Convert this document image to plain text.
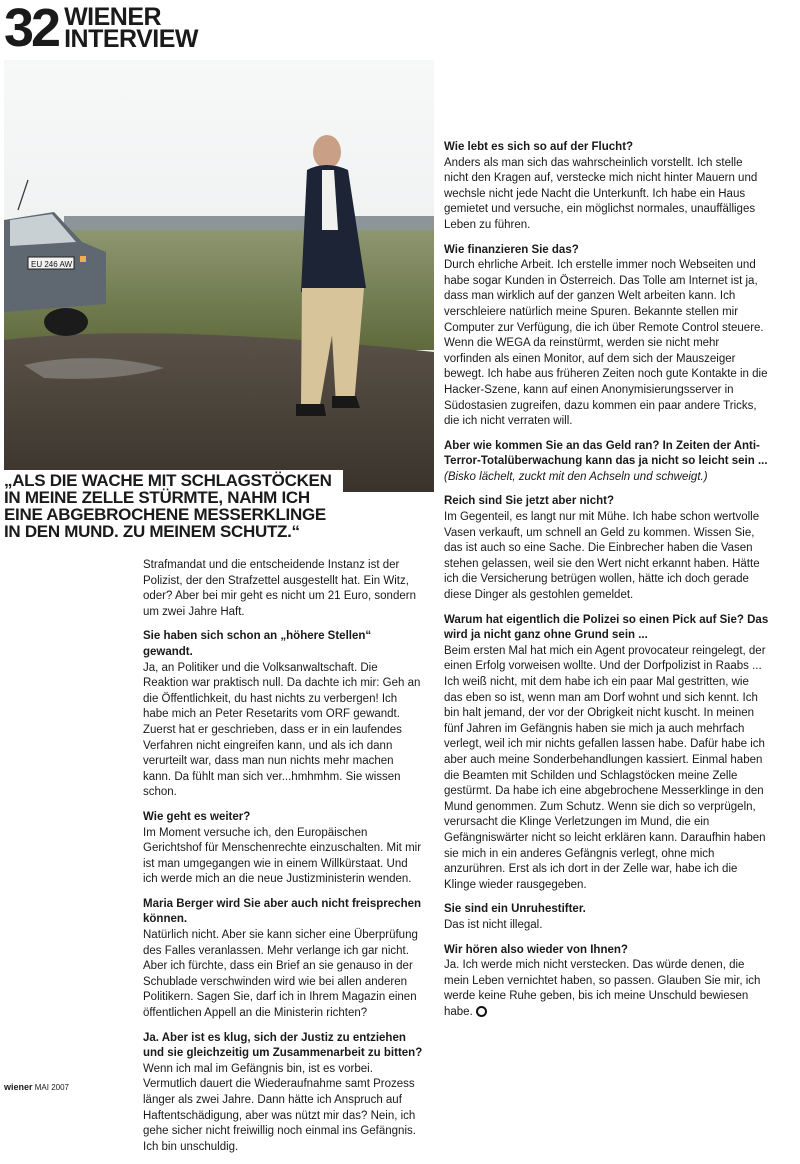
32 WIENER
INTERVIEW
EU 246 AW
„ALS DIE WACHE MIT SCHLAGSTÖCKEN IN MEINE ZELLE STÜRMTE, NAHM ICH EINE ABGEBROCHENE MESSERKLINGE IN DEN MUND. ZU MEINEM SCHUTZ.“

Strafmandat und die entscheidende Instanz ist der Polizist, der den Strafzettel ausgestellt hat. Ein Witz, oder? Aber bei mir geht es nicht um 21 Euro, sondern um zwei Jahre Haft.

Sie haben sich schon an „höhere Stellen“ gewandt.
Ja, an Politiker und die Volksanwaltschaft. Die Reaktion war praktisch null. Da dachte ich mir: Geh an die Öffentlichkeit, du hast nichts zu verbergen! Ich habe mich an Peter Resetarits vom ORF gewandt. Zuerst hat er geschrieben, dass er in ein laufendes Verfahren nicht eingreifen kann, und als ich dann verurteilt war, dass man nun nichts mehr machen kann. Da fühlt man sich ver...hmhmhm. Sie wissen schon.

Wie geht es weiter?
Im Moment versuche ich, den Europäischen Gerichtshof für Menschenrechte einzuschalten. Mit mir ist man umgegangen wie in einem Willkürstaat. Und ich werde mich an die neue Justizministerin wenden.

Maria Berger wird Sie aber auch nicht freisprechen können.
Natürlich nicht. Aber sie kann sicher eine Überprüfung des Falles veranlassen. Mehr verlange ich gar nicht. Aber ich fürchte, dass ein Brief an sie genauso in der Schublade verschwinden wird wie bei allen anderen Politikern. Sagen Sie, darf ich in Ihrem Magazin einen öffentlichen Appell an die Ministerin richten?

Ja. Aber ist es klug, sich der Justiz zu entziehen und sie gleichzeitig um Zusammenarbeit zu bitten?
Wenn ich mal im Gefängnis bin, ist es vorbei. Vermutlich dauert die Wiederaufnahme samt Prozess länger als zwei Jahre. Dann hätte ich Anspruch auf Haftentschädigung, aber was nützt mir das? Nein, ich gehe sicher nicht freiwillig noch einmal ins Gefängnis. Ich bin unschuldig.

Wie lebt es sich so auf der Flucht?
Anders als man sich das wahrscheinlich vorstellt. Ich stelle nicht den Kragen auf, verstecke mich nicht hinter Mauern und wechsle nicht jede Nacht die Unterkunft. Ich habe ein Haus gemietet und versuche, ein möglichst normales, unauffälliges Leben zu führen.

Wie finanzieren Sie das?
Durch ehrliche Arbeit. Ich erstelle immer noch Webseiten und habe sogar Kunden in Österreich. Das Tolle am Internet ist ja, dass man wirklich auf der ganzen Welt arbeiten kann. Ich verschleiere natürlich meine Spuren. Bekannte stellen mir Computer zur Verfügung, die ich über Remote Control steuere. Wenn die WEGA da reinstürmt, werden sie nicht mehr vorfinden als einen Monitor, auf dem sich der Mauszeiger bewegt. Ich habe aus früheren Zeiten noch gute Kontakte in die Hacker-Szene, kann auf einen Anonymisierungsserver in Südostasien zugreifen, dazu kommen ein paar andere Tricks, die ich nicht verraten will.

Aber wie kommen Sie an das Geld ran? In Zeiten der Anti-Terror-Totalüberwachung kann das ja nicht so leicht sein ...
(Bisko lächelt, zuckt mit den Achseln und schweigt.)

Reich sind Sie jetzt aber nicht?
Im Gegenteil, es langt nur mit Mühe. Ich habe schon wertvolle Vasen verkauft, um schnell an Geld zu kommen. Wissen Sie, das ist auch so eine Sache. Die Einbrecher haben die Vasen stehen gelassen, weil sie den Wert nicht erkannt haben. Hätte ich die Versicherung betrügen wollen, hätte ich doch gerade diese Dinger als gestohlen gemeldet.

Warum hat eigentlich die Polizei so einen Pick auf Sie? Das wird ja nicht ganz ohne Grund sein ...
Beim ersten Mal hat mich ein Agent provocateur reingelegt, der einen Erfolg vorweisen wollte. Und der Dorfpolizist in Raabs ... Ich weiß nicht, mit dem habe ich ein paar Mal gestritten, wie das eben so ist, wenn man am Dorf wohnt und sich kennt. Ich bin halt jemand, der vor der Obrigkeit nicht kuscht. In meinen fünf Jahren im Gefängnis haben sie mich ja auch mehrfach verlegt, weil ich mir nichts gefallen lassen habe. Dafür habe ich aber auch meine Sonderbehandlungen kassiert. Einmal haben die Beamten mit Schilden und Schlagstöcken meine Zelle gestürmt. Da habe ich eine abgebrochene Messerklinge in den Mund genommen. Zum Schutz. Wenn sie dich so verprügeln, verursacht die Klinge Verletzungen im Mund, die ein Gefängniswärter nicht so leicht erklären kann. Daraufhin haben sie mich in ein anderes Gefängnis verlegt, ohne mich anzurühren. Erst als ich dort in der Zelle war, habe ich die Klinge wieder rausgegeben.

Sie sind ein Unruhestifter.
Das ist nicht illegal.

Wir hören also wieder von Ihnen?
Ja. Ich werde mich nicht verstecken. Das würde denen, die mein Leben vernichtet haben, so passen. Glauben Sie mir, ich werde keine Ruhe geben, bis ich meine Unschuld bewiesen habe.

wiener MAI 2007
